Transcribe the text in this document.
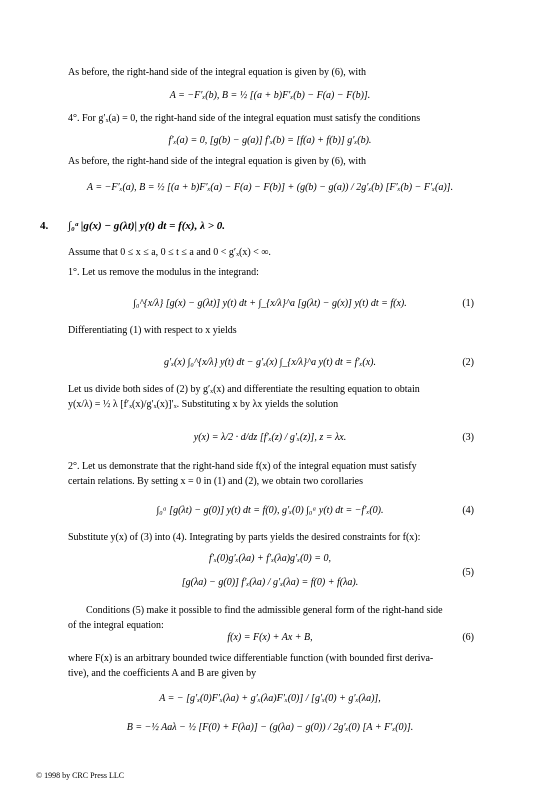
As before, the right-hand side of the integral equation is given by (6), with
A = −F′ₓ(b), B = ½ [(a + b)F′ₓ(b) − F(a) − F(b)].
4°. For g′ₓ(a) = 0, the right-hand side of the integral equation must satisfy the conditions
f′ₓ(a) = 0, [g(b) − g(a)] f′ₓ(b) = [f(a) + f(b)] g′ₓ(b).
As before, the right-hand side of the integral equation is given by (6), with
A = −F′ₓ(a), B = ½ [(a + b)F′ₓ(a) − F(a) − F(b)] + (g(b) − g(a)) / 2g′ₓ(b) [F′ₓ(b) − F′ₓ(a)].
4. ∫₀ᵃ |g(x) − g(λt)| y(t) dt = f(x), λ > 0.
Assume that 0 ≤ x ≤ a, 0 ≤ t ≤ a and 0 < g′ₓ(x) < ∞.
1°. Let us remove the modulus in the integrand:
∫₀^{x/λ} [g(x) − g(λt)] y(t) dt + ∫_{x/λ}^a [g(λt) − g(x)] y(t) dt = f(x).	(1)
Differentiating (1) with respect to x yields
g′ₓ(x) ∫₀^{x/λ} y(t) dt − g′ₓ(x) ∫_{x/λ}^a y(t) dt = f′ₓ(x).	(2)
Let us divide both sides of (2) by g′ₓ(x) and differentiate the resulting equation to obtain
y(x/λ) = ½ λ [f′ₓ(x)/g′ₓ(x)]′ₓ. Substituting x by λx yields the solution
y(x) = λ/2 · d/dz [f′ₓ(z) / g′ₓ(z)], z = λx.	(3)
2°. Let us demonstrate that the right-hand side f(x) of the integral equation must satisfy
certain relations. By setting x = 0 in (1) and (2), we obtain two corollaries
∫₀ᵃ [g(λt) − g(0)] y(t) dt = f(0), g′ₓ(0) ∫₀ᵃ y(t) dt = −f′ₓ(0).	(4)
Substitute y(x) of (3) into (4). Integrating by parts yields the desired constraints for f(x):
f′ₓ(0)g′ₓ(λa) + f′ₓ(λa)g′ₓ(0) = 0,
[g(λa) − g(0)] f′ₓ(λa) / g′ₓ(λa) = f(0) + f(λa).
(5)
Conditions (5) make it possible to find the admissible general form of the right-hand side
of the integral equation:
f(x) = F(x) + Ax + B,	(6)
where F(x) is an arbitrary bounded twice differentiable function (with bounded first deriva-
tive), and the coefficients A and B are given by
A = − [g′ₓ(0)F′ₓ(λa) + g′ₓ(λa)F′ₓ(0)] / [g′ₓ(0) + g′ₓ(λa)],
B = −½ Aaλ − ½ [F(0) + F(λa)] − (g(λa) − g(0)) / 2g′ₓ(0) [A + F′ₓ(0)].
© 1998 by CRC Press LLC
